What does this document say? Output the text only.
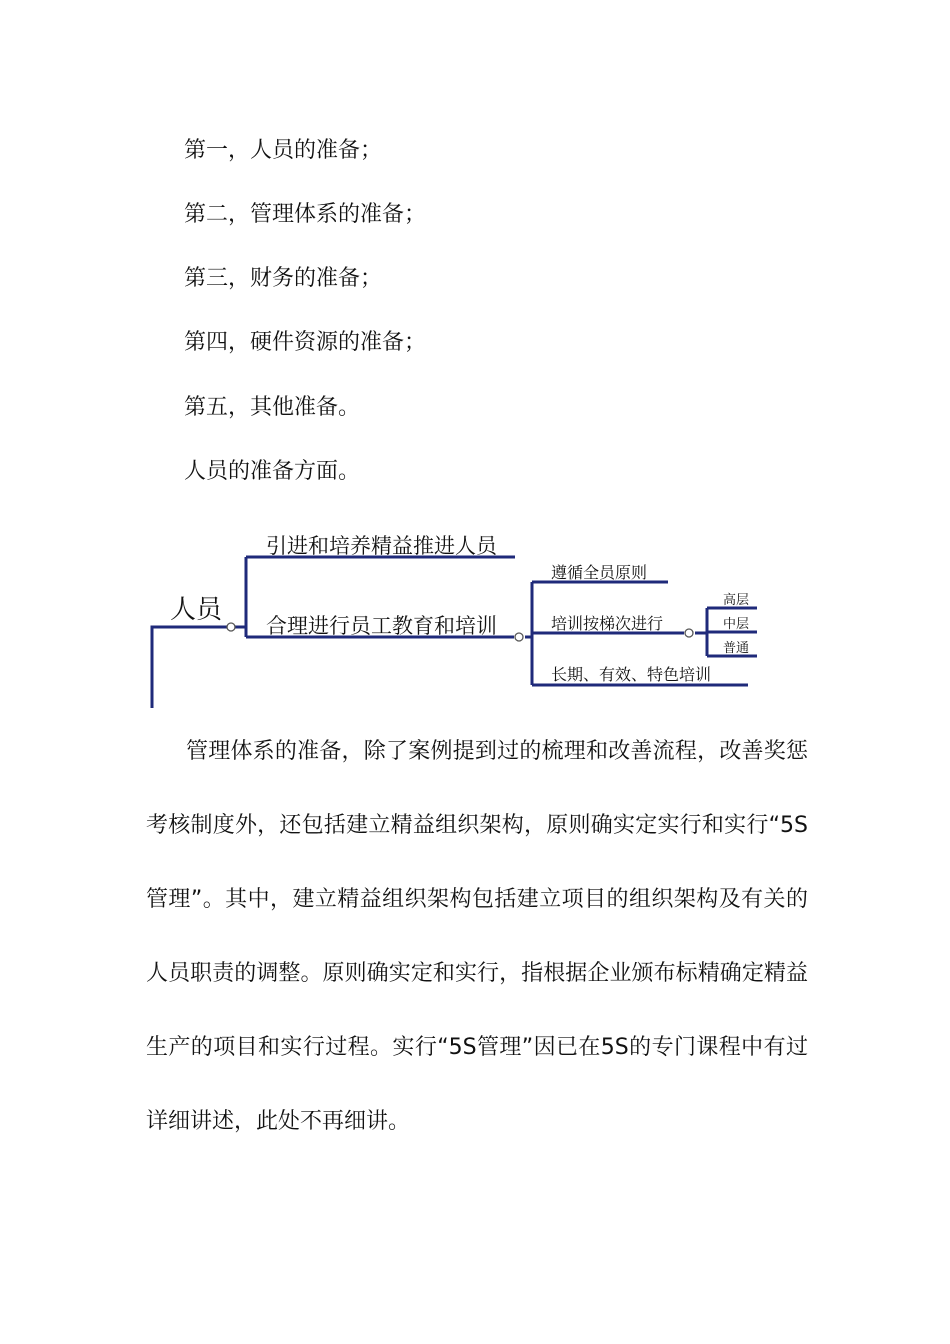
第一，人员的准备；
第二，管理体系的准备；
第三，财务的准备；
第四，硬件资源的准备；
第五，其他准备。
人员的准备方面。
人员
引进和培养精益推进人员
合理进行员工教育和培训
遵循全员原则
培训按梯次进行
长期、有效、特色培训
高层
中层
普通

管理体系的准备，除了案例提到过的梳理和改善流程，改善奖惩考核制度外，还包括建立精益组织架构，原则确实定实行和实行“5S管理”。其中，建立精益组织架构包括建立项目的组织架构及有关的人员职责的调整。原则确实定和实行，指根据企业颁布标精确定精益生产的项目和实行过程。实行“5S管理”因已在5S的专门课程中有过详细讲述，此处不再细讲。
